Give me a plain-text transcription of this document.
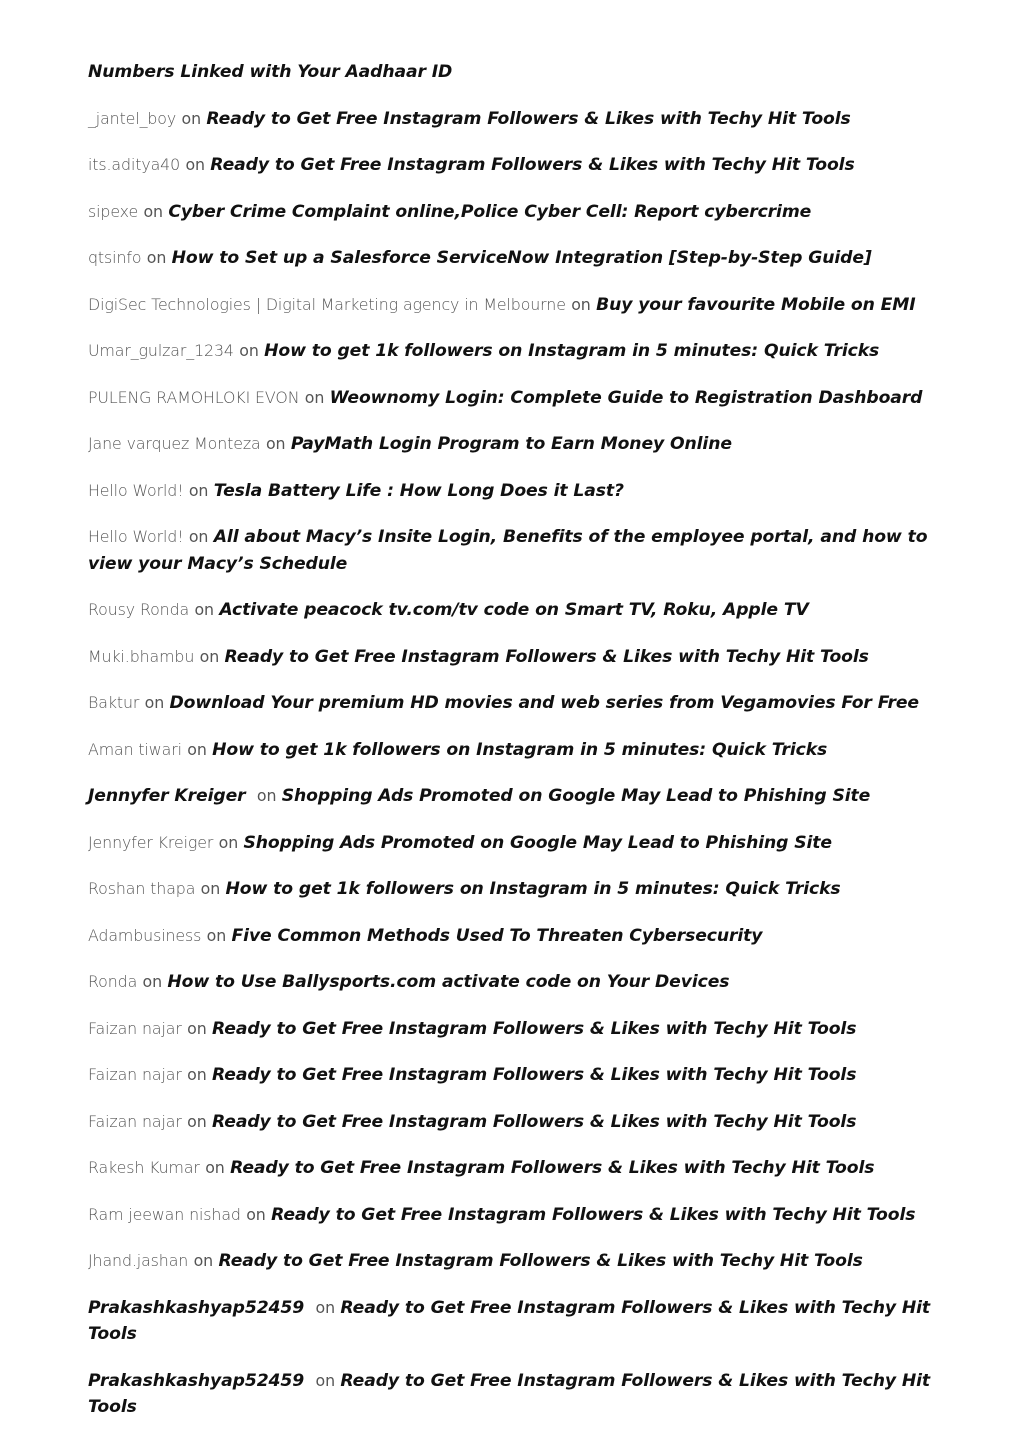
Numbers Linked with Your Aadhaar ID
_jantel_boy on Ready to Get Free Instagram Followers & Likes with Techy Hit Tools
its.aditya40 on Ready to Get Free Instagram Followers & Likes with Techy Hit Tools
sipexe on Cyber Crime Complaint online,Police Cyber Cell: Report cybercrime
qtsinfo on How to Set up a Salesforce ServiceNow Integration [Step-by-Step Guide]
DigiSec Technologies | Digital Marketing agency in Melbourne on Buy your favourite Mobile on EMI
Umar_gulzar_1234 on How to get 1k followers on Instagram in 5 minutes: Quick Tricks
PULENG RAMOHLOKI EVON on Weownomy Login: Complete Guide to Registration Dashboard
Jane varquez Monteza on PayMath Login Program to Earn Money Online
Hello World! on Tesla Battery Life : How Long Does it Last?
Hello World! on All about Macy’s Insite Login, Benefits of the employee portal, and how to view your Macy’s Schedule
Rousy Ronda on Activate peacock tv.com/tv code on Smart TV, Roku, Apple TV
Muki.bhambu on Ready to Get Free Instagram Followers & Likes with Techy Hit Tools
Baktur on Download Your premium HD movies and web series from Vegamovies For Free
Aman tiwari on How to get 1k followers on Instagram in 5 minutes: Quick Tricks
Jennyfer Kreiger on Shopping Ads Promoted on Google May Lead to Phishing Site
Jennyfer Kreiger on Shopping Ads Promoted on Google May Lead to Phishing Site
Roshan thapa on How to get 1k followers on Instagram in 5 minutes: Quick Tricks
Adambusiness on Five Common Methods Used To Threaten Cybersecurity
Ronda on How to Use Ballysports.com activate code on Your Devices
Faizan najar on Ready to Get Free Instagram Followers & Likes with Techy Hit Tools
Faizan najar on Ready to Get Free Instagram Followers & Likes with Techy Hit Tools
Faizan najar on Ready to Get Free Instagram Followers & Likes with Techy Hit Tools
Rakesh Kumar on Ready to Get Free Instagram Followers & Likes with Techy Hit Tools
Ram jeewan nishad on Ready to Get Free Instagram Followers & Likes with Techy Hit Tools
Jhand.jashan on Ready to Get Free Instagram Followers & Likes with Techy Hit Tools
Prakashkashyap52459 on Ready to Get Free Instagram Followers & Likes with Techy Hit Tools
Prakashkashyap52459 on Ready to Get Free Instagram Followers & Likes with Techy Hit Tools
